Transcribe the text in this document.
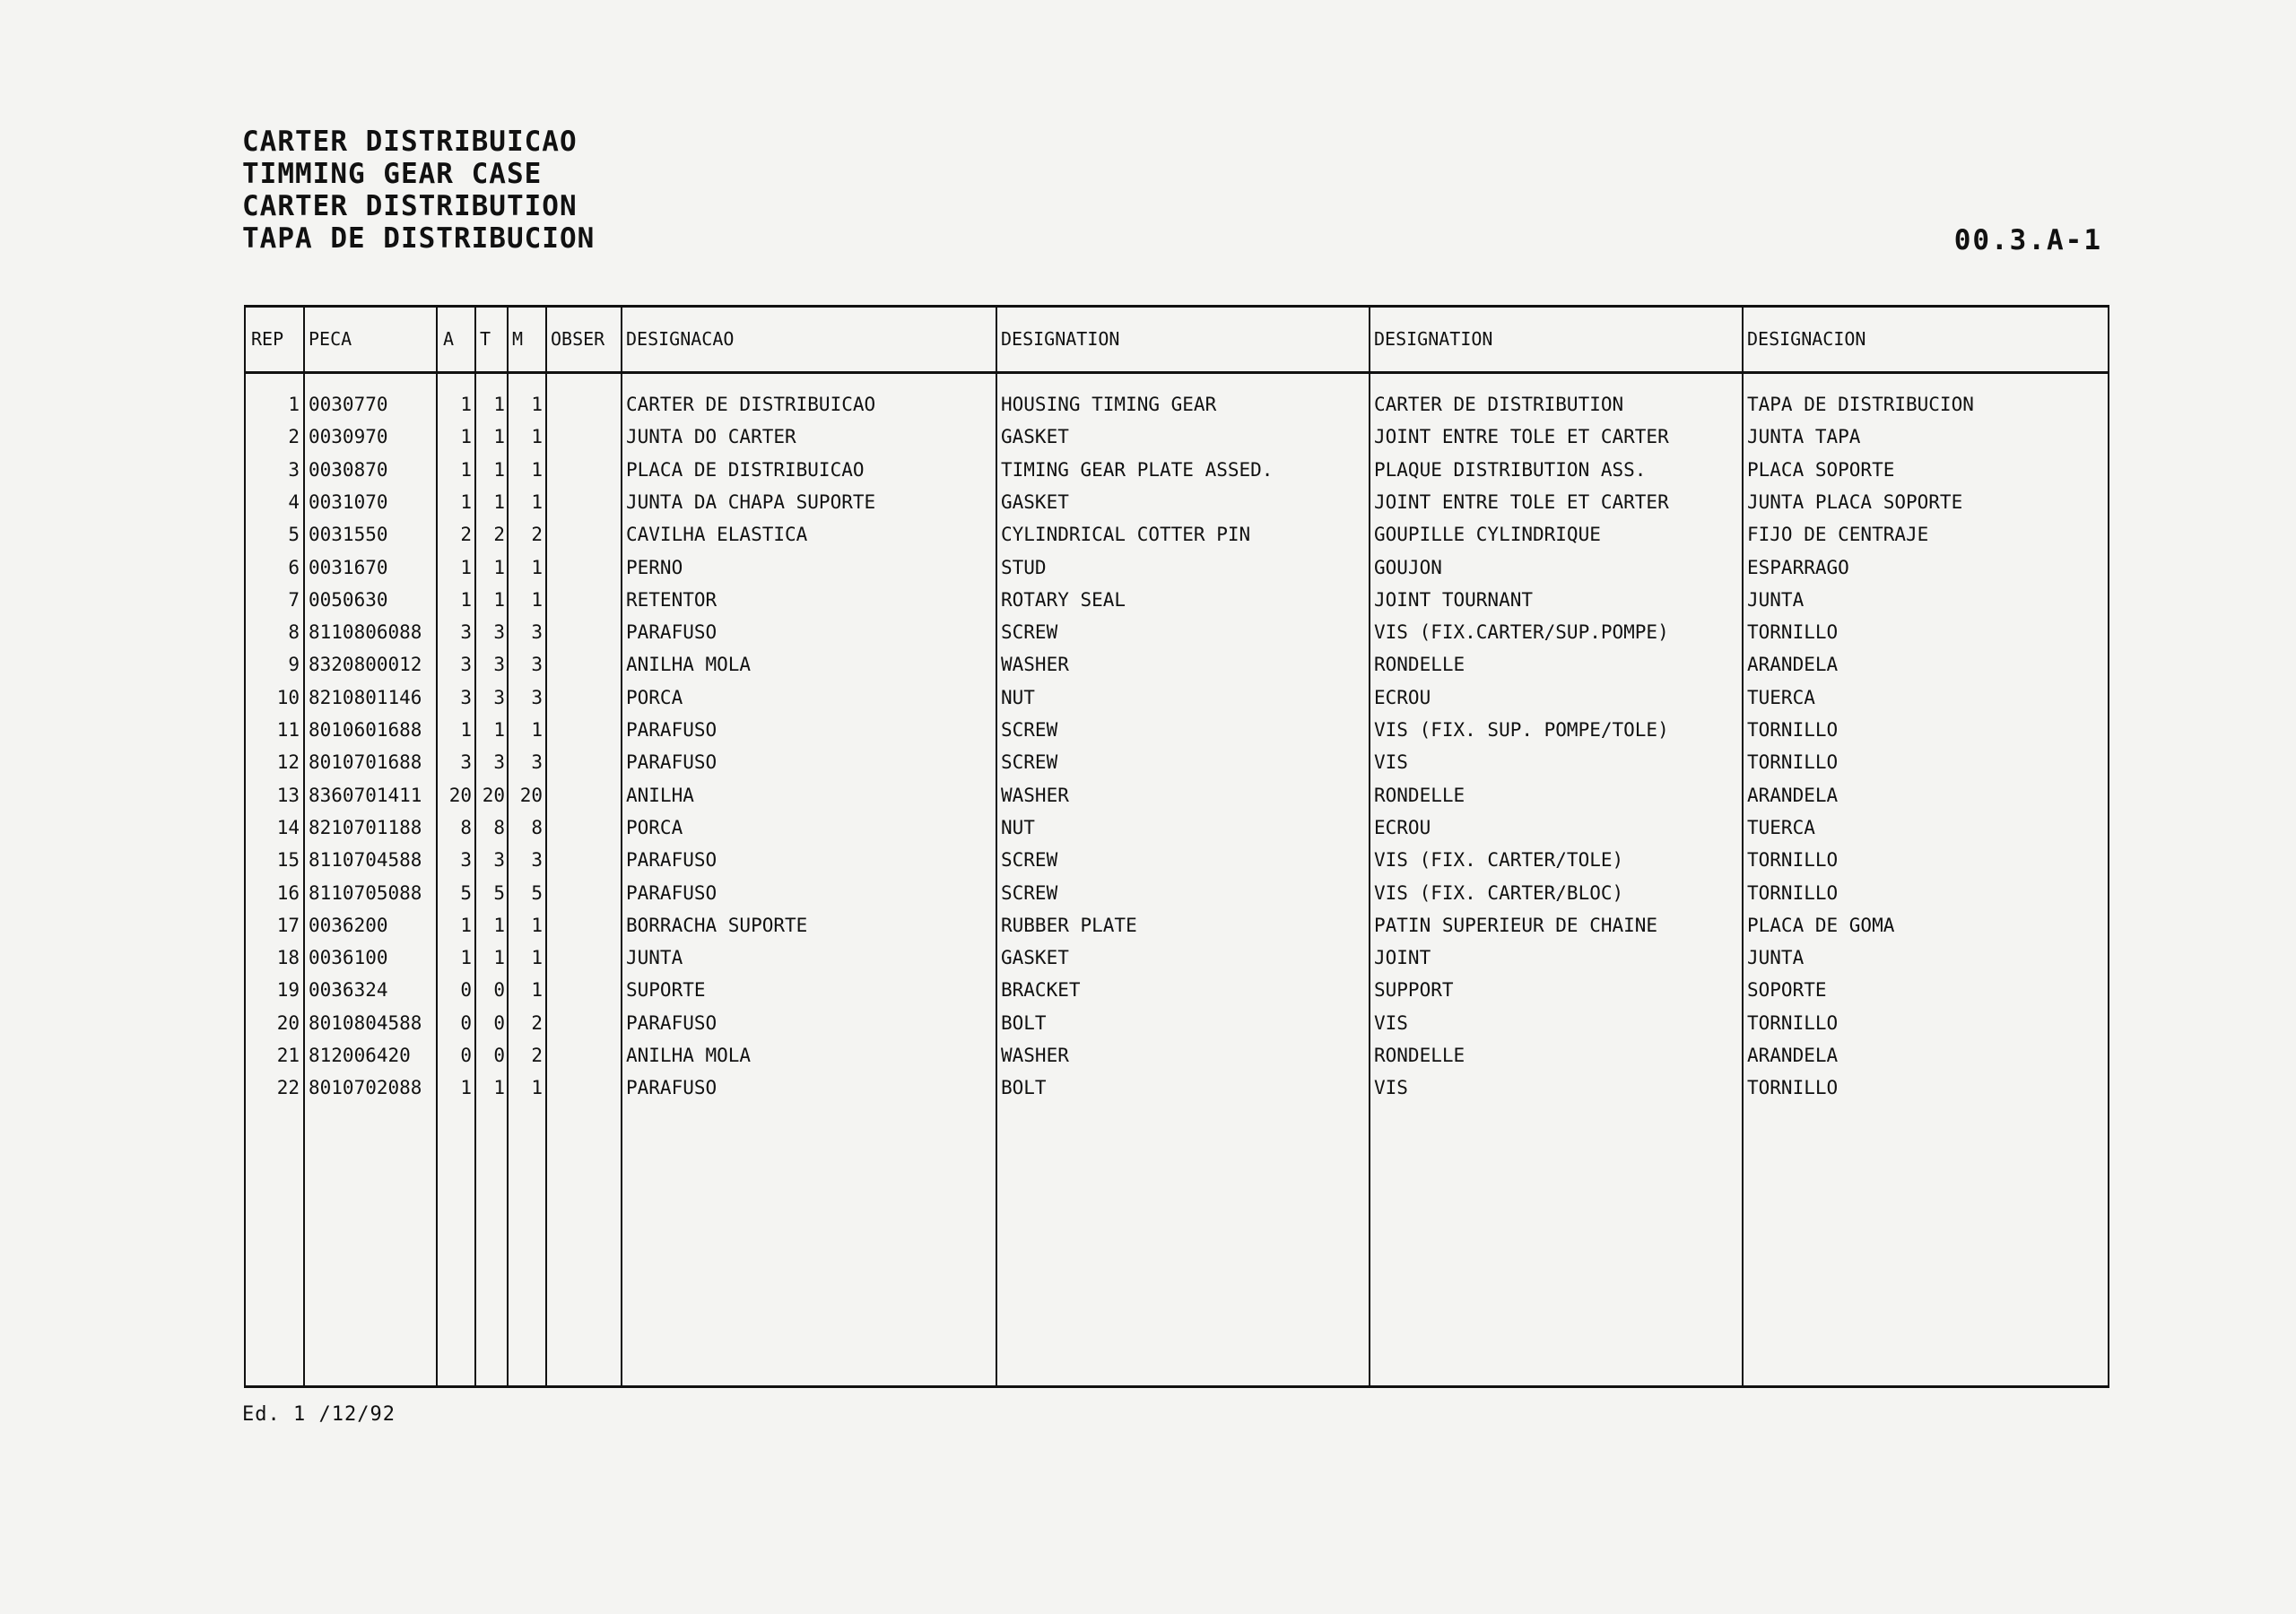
CARTER DISTRIBUICAO
TIMMING GEAR CASE
CARTER DISTRIBUTION
TAPA DE DISTRIBUCION	00.3.A-1
REP PECA	A T M OBSER DESIGNACAO	DESIGNATION	DESIGNATION	DESIGNACION
1 0030770	1	1	1	CARTER DE DISTRIBUICAO	HOUSING TIMING GEAR	CARTER DE DISTRIBUTION	TAPA DE DISTRIBUCION
2 0030970	1	1	1	JUNTA DO CARTER	GASKET	JOINT ENTRE TOLE ET CARTER	JUNTA TAPA
3 0030870	1	1	1	PLACA DE DISTRIBUICAO	TIMING GEAR PLATE ASSED.	PLAQUE DISTRIBUTION ASS.	PLACA SOPORTE
4 0031070	1	1	1	JUNTA DA CHAPA SUPORTE	GASKET	JOINT ENTRE TOLE ET CARTER	JUNTA PLACA SOPORTE
5 0031550	2	2	2	CAVILHA ELASTICA	CYLINDRICAL COTTER PIN	GOUPILLE CYLINDRIQUE	FIJO DE CENTRAJE
6 0031670	1	1	1	PERNO	STUD	GOUJON	ESPARRAGO
7 0050630	1	1	1	RETENTOR	ROTARY SEAL	JOINT TOURNANT	JUNTA
8 8110806088	3	3	3	PARAFUSO	SCREW	VIS (FIX.CARTER/SUP.POMPE)	TORNILLO
9 8320800012	3	3	3	ANILHA MOLA	WASHER	RONDELLE	ARANDELA
10 8210801146	3	3	3	PORCA	NUT	ECROU	TUERCA
11 8010601688	1	1	1	PARAFUSO	SCREW	VIS (FIX. SUP. POMPE/TOLE)	TORNILLO
12 8010701688	3	3	3	PARAFUSO	SCREW	VIS	TORNILLO
13 8360701411	20 20 20	ANILHA	WASHER	RONDELLE	ARANDELA
14 8210701188	8	8	8	PORCA	NUT	ECROU	TUERCA
15 8110704588	3	3	3	PARAFUSO	SCREW	VIS (FIX. CARTER/TOLE)	TORNILLO
16 8110705088	5	5	5	PARAFUSO	SCREW	VIS (FIX. CARTER/BLOC)	TORNILLO
17 0036200	1	1	1	BORRACHA SUPORTE	RUBBER PLATE	PATIN SUPERIEUR DE CHAINE	PLACA DE GOMA
18 0036100	1	1	1	JUNTA	GASKET	JOINT	JUNTA
19 0036324	0	0	1	SUPORTE	BRACKET	SUPPORT	SOPORTE
20 8010804588	0	0	2	PARAFUSO	BOLT	VIS	TORNILLO
21 812006420	0	0	2	ANILHA MOLA	WASHER	RONDELLE	ARANDELA
22 8010702088	1	1	1	PARAFUSO	BOLT	VIS	TORNILLO
Ed. 1 /12/92
